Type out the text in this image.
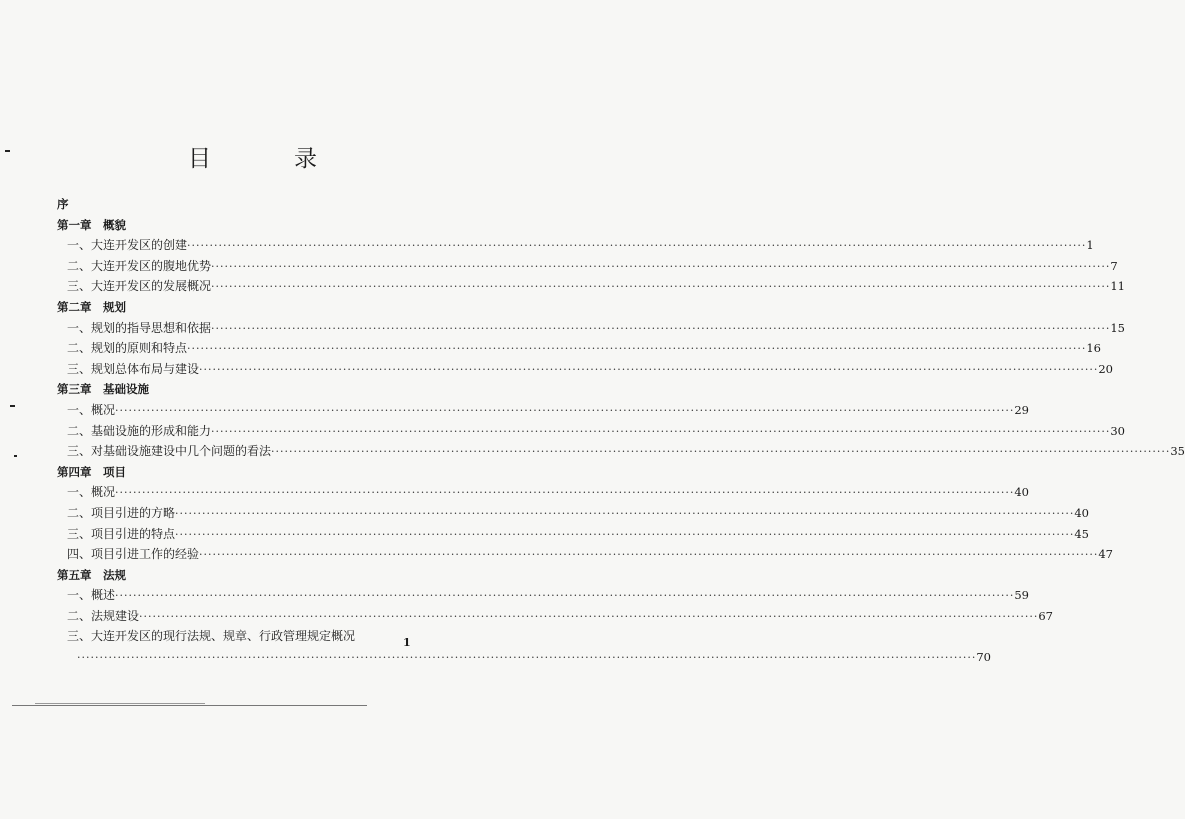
目　录
序
第一章 概貌
一、大连开发区的创建 ········································································································································································································ 1
二、大连开发区的腹地优势 ········································································································································································································ 7
三、大连开发区的发展概况 ········································································································································································································ 11
第二章 规划
一、规划的指导思想和依据 ········································································································································································································ 15
二、规划的原则和特点 ········································································································································································································ 16
三、规划总体布局与建设 ········································································································································································································ 20
第三章 基础设施
一、概况 ········································································································································································································ 29
二、基础设施的形成和能力 ········································································································································································································ 30
三、对基础设施建设中几个问题的看法 ········································································································································································································ 35
第四章 项目
一、概况 ········································································································································································································ 40
二、项目引进的方略 ········································································································································································································ 40
三、项目引进的特点 ········································································································································································································ 45
四、项目引进工作的经验 ········································································································································································································ 47
第五章 法规
一、概述 ········································································································································································································ 59
二、法规建设 ········································································································································································································ 67
三、大连开发区的现行法规、规章、行政管理规定概况
········································································································································································································ 70
1
